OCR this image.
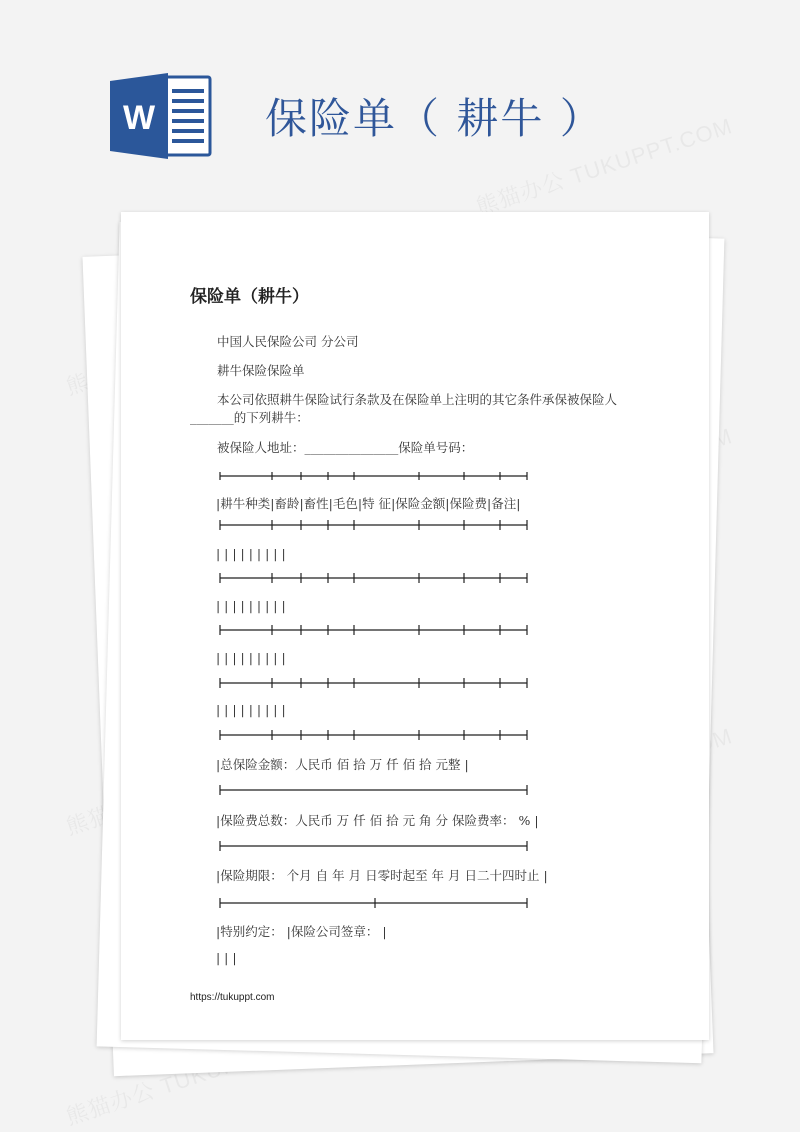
W	保险单（ 耕牛 ）
保险单（耕牛）
中国人民保险公司 分公司
耕牛保险保险单
本公司依照耕牛保险试行条款及在保险单上注明的其它条件承保被保险人
_______的下列耕牛：
被保险人地址：_______________保险单号码：
|耕牛种类|畜龄|畜性|毛色|特 征|保险金额|保险费|备注|
| | | | | | | | |
| | | | | | | | |
| | | | | | | | |
| | | | | | | | |
|总保险金额：人民币 佰 拾 万 仟 佰 拾 元整 |
|保险费总数：人民币 万 仟 佰 拾 元 角 分 保险费率： % |
|保险期限： 个月 自 年 月 日零时起至 年 月 日二十四时止 |
|特别约定： |保险公司签章： |
| | |
https://tukuppt.com
